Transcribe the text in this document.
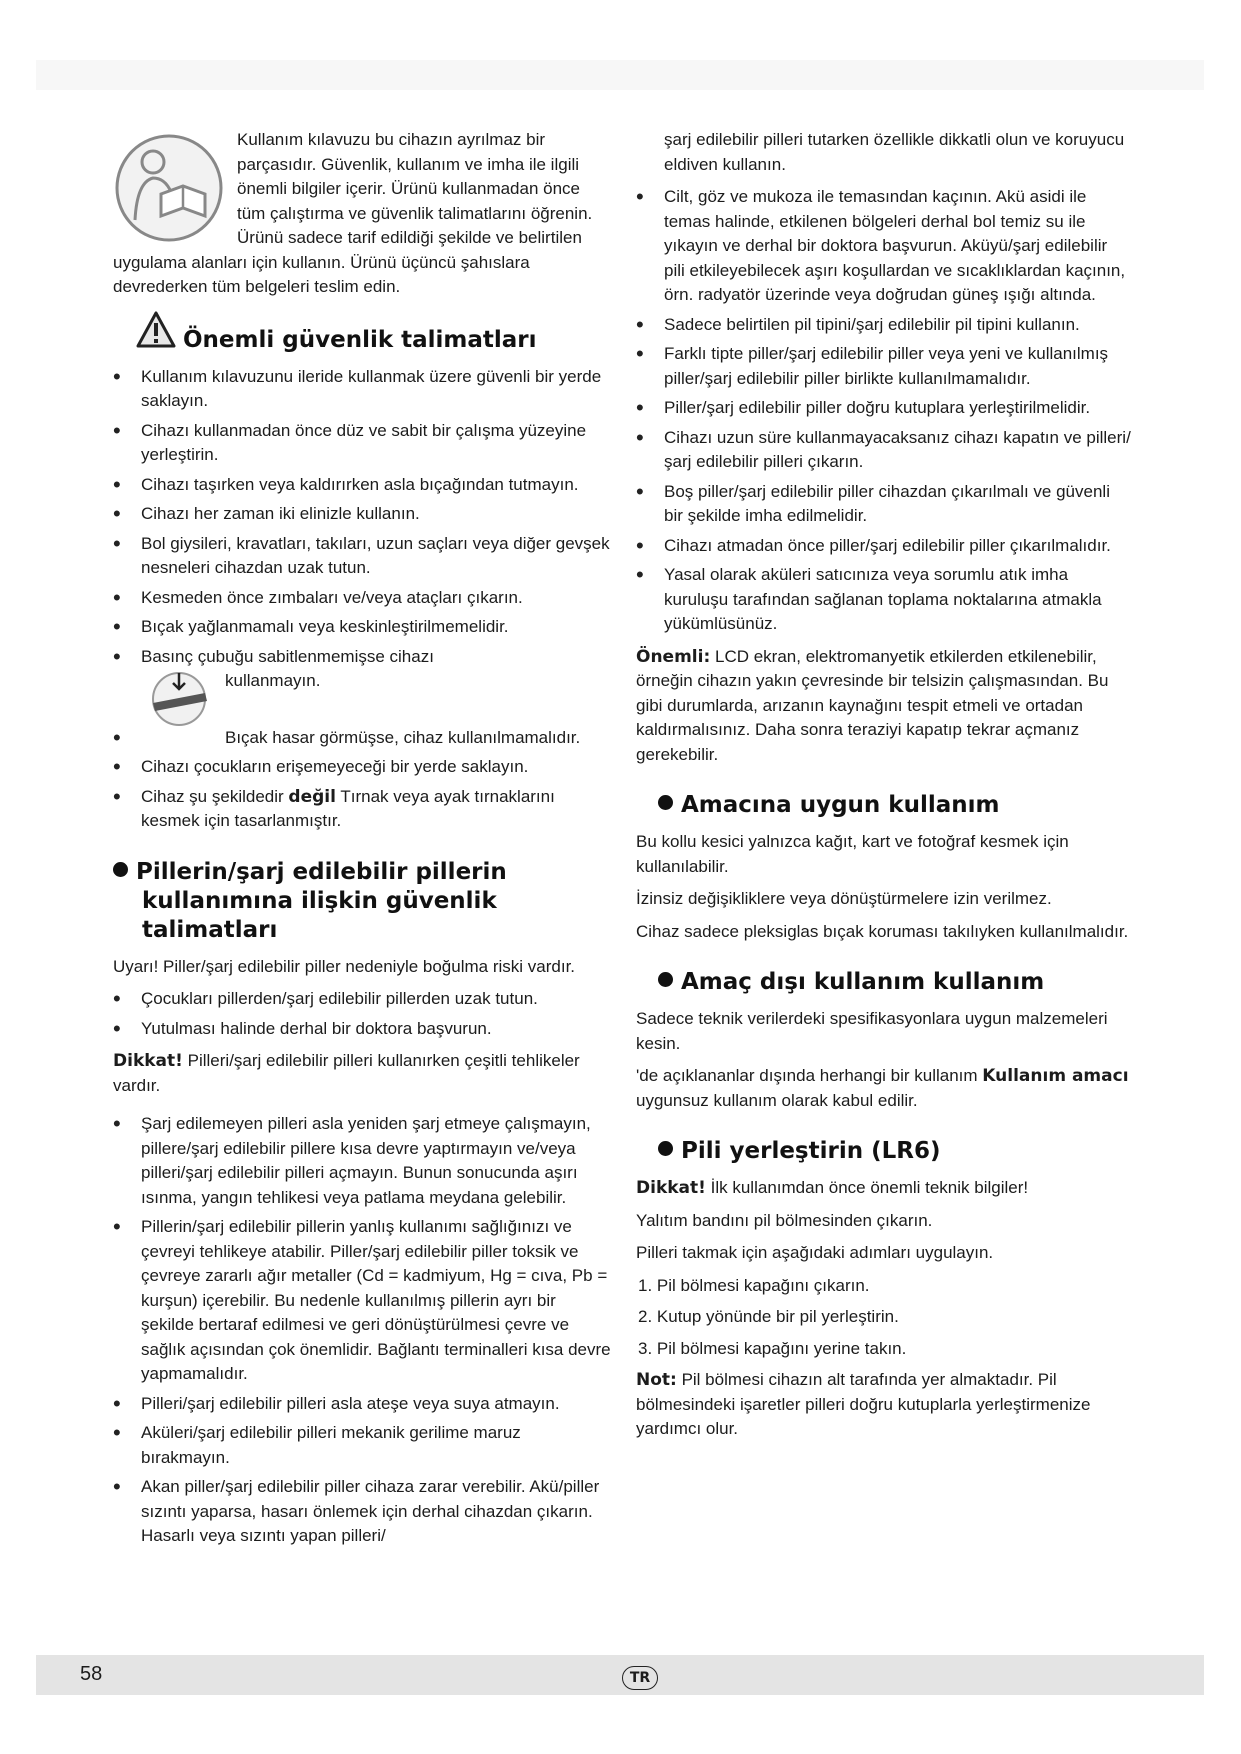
Kullanım kılavuzu bu cihazın ayrılmaz bir parçasıdır. Güvenlik, kullanım ve imha ile ilgili önemli bilgiler içerir. Ürünü kullanmadan önce tüm çalıştırma ve güvenlik talimatlarını öğrenin. Ürünü sadece tarif edildiği şekilde ve belirtilen uygulama alanları için kullanın. Ürünü üçüncü şahıslara devrederken tüm belgeleri teslim edin.

Önemli güvenlik talimatları
• Kullanım kılavuzunu ileride kullanmak üzere güvenli bir yerde saklayın.
• Cihazı kullanmadan önce düz ve sabit bir çalışma yüzeyine yerleştirin.
• Cihazı taşırken veya kaldırırken asla bıçağından tutmayın.
• Cihazı her zaman iki elinizle kullanın.
• Bol giysileri, kravatları, takıları, uzun saçları veya diğer gevşek nesneleri cihazdan uzak tutun.
• Kesmeden önce zımbaları ve/veya ataçları çıkarın.
• Bıçak yağlanmamalı veya keskinleştirilmemelidir.
• Basınç çubuğu sabitlenmemişse cihazı

kullanmayın.
• Bıçak hasar görmüşse, cihaz kullanılmamalıdır.
• Cihazı çocukların erişemeyeceği bir yerde saklayın.
• Cihaz şu şekildedir değil Tırnak veya ayak tırnaklarını kesmek için tasarlanmıştır.
Pillerin/şarj edilebilir pillerin kullanımına ilişkin güvenlik talimatları

Uyarı! Piller/şarj edilebilir piller nedeniyle boğulma riski vardır.

• Çocukları pillerden/şarj edilebilir pillerden uzak tutun.
• Yutulması halinde derhal bir doktora başvurun.

Dikkat! Pilleri/şarj edilebilir pilleri kullanırken çeşitli tehlikeler vardır.

• Şarj edilemeyen pilleri asla yeniden şarj etmeye çalışmayın, pillere/şarj edilebilir pillere kısa devre yaptırmayın ve/veya pilleri/şarj edilebilir pilleri açmayın. Bunun sonucunda aşırı ısınma, yangın tehlikesi veya patlama meydana gelebilir.
• Pillerin/şarj edilebilir pillerin yanlış kullanımı sağlığınızı ve çevreyi tehlikeye atabilir. Piller/şarj edilebilir piller toksik ve çevreye zararlı ağır metaller (Cd = kadmiyum, Hg = cıva, Pb = kurşun) içerebilir. Bu nedenle kullanılmış pillerin ayrı bir şekilde bertaraf edilmesi ve geri dönüştürülmesi çevre ve sağlık açısından çok önemlidir. Bağlantı terminalleri kısa devre yapmamalıdır.
• Pilleri/şarj edilebilir pilleri asla ateşe veya suya atmayın.
• Aküleri/şarj edilebilir pilleri mekanik gerilime maruz bırakmayın.
• Akan piller/şarj edilebilir piller cihaza zarar verebilir. Akü/piller sızıntı yaparsa, hasarı önlemek için derhal cihazdan çıkarın. Hasarlı veya sızıntı yapan pilleri/

şarj edilebilir pilleri tutarken özellikle dikkatli olun ve koruyucu eldiven kullanın.

• Cilt, göz ve mukoza ile temasından kaçının. Akü asidi ile temas halinde, etkilenen bölgeleri derhal bol temiz su ile yıkayın ve derhal bir doktora başvurun. Aküyü/şarj edilebilir pili etkileyebilecek aşırı koşullardan ve sıcaklıklardan kaçının, örn. radyatör üzerinde veya doğrudan güneş ışığı altında.
• Sadece belirtilen pil tipini/şarj edilebilir pil tipini kullanın.
• Farklı tipte piller/şarj edilebilir piller veya yeni ve kullanılmış piller/şarj edilebilir piller birlikte kullanılmamalıdır.
• Piller/şarj edilebilir piller doğru kutuplara yerleştirilmelidir.
• Cihazı uzun süre kullanmayacaksanız cihazı kapatın ve pilleri/şarj edilebilir pilleri çıkarın.
• Boş piller/şarj edilebilir piller cihazdan çıkarılmalı ve güvenli bir şekilde imha edilmelidir.
• Cihazı atmadan önce piller/şarj edilebilir piller çıkarılmalıdır.
• Yasal olarak aküleri satıcınıza veya sorumlu atık imha kuruluşu tarafından sağlanan toplama noktalarına atmakla yükümlüsünüz.

Önemli: LCD ekran, elektromanyetik etkilerden etkilenebilir, örneğin cihazın yakın çevresinde bir telsizin çalışmasından. Bu gibi durumlarda, arızanın kaynağını tespit etmeli ve ortadan kaldırmalısınız. Daha sonra teraziyi kapatıp tekrar açmanız gerekebilir.

Amacına uygun kullanım

Bu kollu kesici yalnızca kağıt, kart ve fotoğraf kesmek için kullanılabilir.

İzinsiz değişikliklere veya dönüştürmelere izin verilmez.

Cihaz sadece pleksiglas bıçak koruması takılıyken kullanılmalıdır.

Amaç dışı kullanım kullanım

Sadece teknik verilerdeki spesifikasyonlara uygun malzemeleri kesin.

'de açıklananlar dışında herhangi bir kullanım Kullanım amacı uygunsuz kullanım olarak kabul edilir.

Pili yerleştirin (LR6)

Dikkat! İlk kullanımdan önce önemli teknik bilgiler!

Yalıtım bandını pil bölmesinden çıkarın.

Pilleri takmak için aşağıdaki adımları uygulayın.

1. Pil bölmesi kapağını çıkarın.
2. Kutup yönünde bir pil yerleştirin.
3. Pil bölmesi kapağını yerine takın.

Not: Pil bölmesi cihazın alt tarafında yer almaktadır. Pil bölmesindeki işaretler pilleri doğru kutuplarla yerleştirmenize yardımcı olur.

58	TR
